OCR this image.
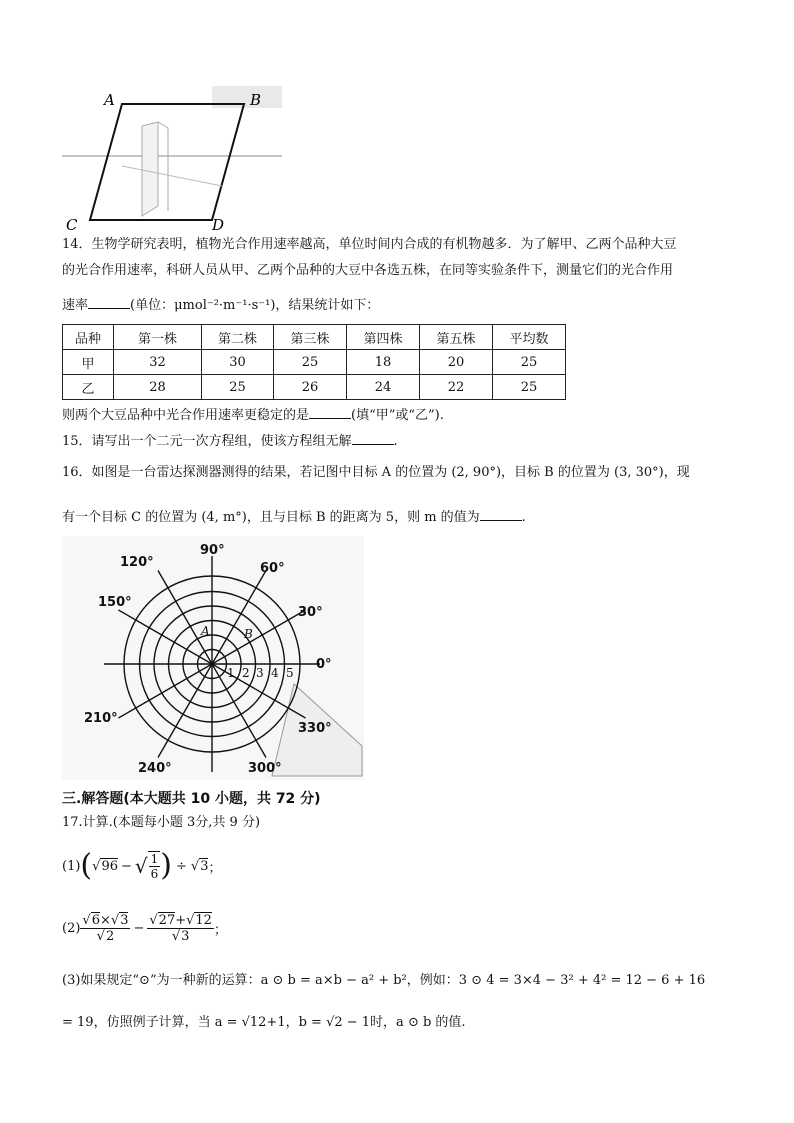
A	B
C	D
14．生物学研究表明，植物光合作用速率越高，单位时间内合成的有机物越多．为了解甲、乙两个品种大豆
的光合作用速率，科研人员从甲、乙两个品种的大豆中各选五株，在同等实验条件下，测量它们的光合作用
速率	(单位：μmol⁻²·m⁻¹·s⁻¹)，结果统计如下：
品种	第一株	第二株	第三株	第四株	第五株	平均数
甲	32	30	25	18	20	25
乙	28	25	26	24	22	25
则两个大豆品种中光合作用速率更稳定的是	(填“甲”或“乙”).
15．请写出一个二元一次方程组，使该方程组无解	.
16．如图是一台雷达探测器测得的结果，若记图中目标 A 的位置为 (2, 90°)，目标 B 的位置为 (3, 30°)，现
有一个目标 C 的位置为 (4, m°)，且与目标 B 的距离为 5，则 m 的值为	.
90°
60°
30°
0°
330°
300°
240°
210°
150°
120°
1 2 3 4 5
A	B
三.解答题(本大题共 10 小题，共 72 分)
17.计算.(本题每小题 3分,共 9 分)
(1) ( √96 − √ $\frac{1}{6}$ ) ÷ √3 ；
$(2) \frac{√6\times√3}{√2} - \frac{√27+√12}{√3}$ ；
(3)如果规定“⊙”为一种新的运算：a ⊙ b = a×b − a² + b²，例如：3 ⊙ 4 = 3×4 − 3² + 4² = 12 − 6 + 16
= 19，仿照例子计算，当 a = √12+1，b = √2 − 1时，a ⊙ b 的值.
